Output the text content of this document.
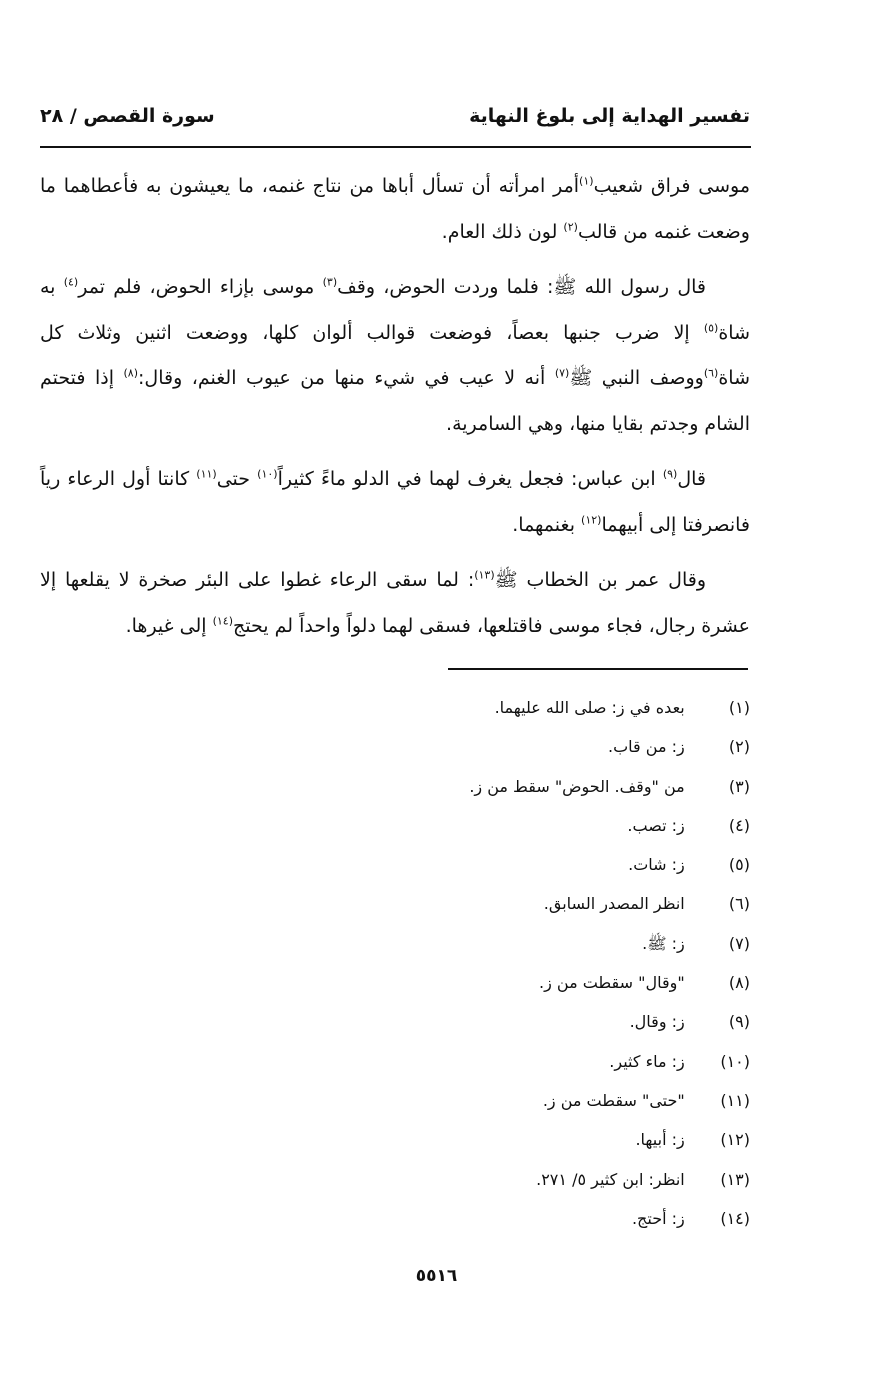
تفسير الهداية إلى بلوغ النهاية
سورة القصص / ٢٨

موسى فراق شعيب$^{(١)}$أمر امرأته أن تسأل أباها من نتاج غنمه، ما يعيشون به فأعطاهما ما وضعت غنمه من قالب$^{(٢)}$ لون ذلك العام.

قال رسول الله ﷺ: فلما وردت الحوض، وقف$^{(٣)}$ موسى بإزاء الحوض، فلم تمر$^{(٤)}$ به شاة$^{(٥)}$ إلا ضرب جنبها بعصاً، فوضعت قوالب ألوان كلها، ووضعت اثنين وثلاث كل شاة$^{(٦)}$ووصف النبي ﷺ$^{(٧)}$ أنه لا عيب في شيء منها من عيوب الغنم، وقال:$^{(٨)}$ إذا فتحتم الشام وجدتم بقايا منها، وهي السامرية.

قال$^{(٩)}$ ابن عباس: فجعل يغرف لهما في الدلو ماءً كثيراً$^{(١٠)}$ حتى$^{(١١)}$ كانتا أول الرعاء رياً فانصرفتا إلى أبيهما$^{(١٢)}$ بغنمهما.

وقال عمر بن الخطاب ﷺ$^{(١٣)}$: لما سقى الرعاء غطوا على البئر صخرة لا يقلعها إلا عشرة رجال، فجاء موسى فاقتلعها، فسقى لهما دلواً واحداً لم يحتج$^{(١٤)}$ إلى غيرها.

(١)   بعده في ز: صلى الله عليهما.
(٢)   ز: من قاب.
(٣)   من "وقف. الحوض" سقط من ز.
(٤)   ز: تصب.
(٥)   ز: شات.
(٦)   انظر المصدر السابق.
(٧)   ز: ﷺ.
(٨)   "وقال" سقطت من ز.
(٩)   ز: وقال.
(١٠)   ز: ماء كثير.
(١١)   "حتى" سقطت من ز.
(١٢)   ز: أبيها.
(١٣)   انظر: ابن كثير ٥/ ٢٧١.
(١٤)   ز: أحتج.
٥٥١٦
